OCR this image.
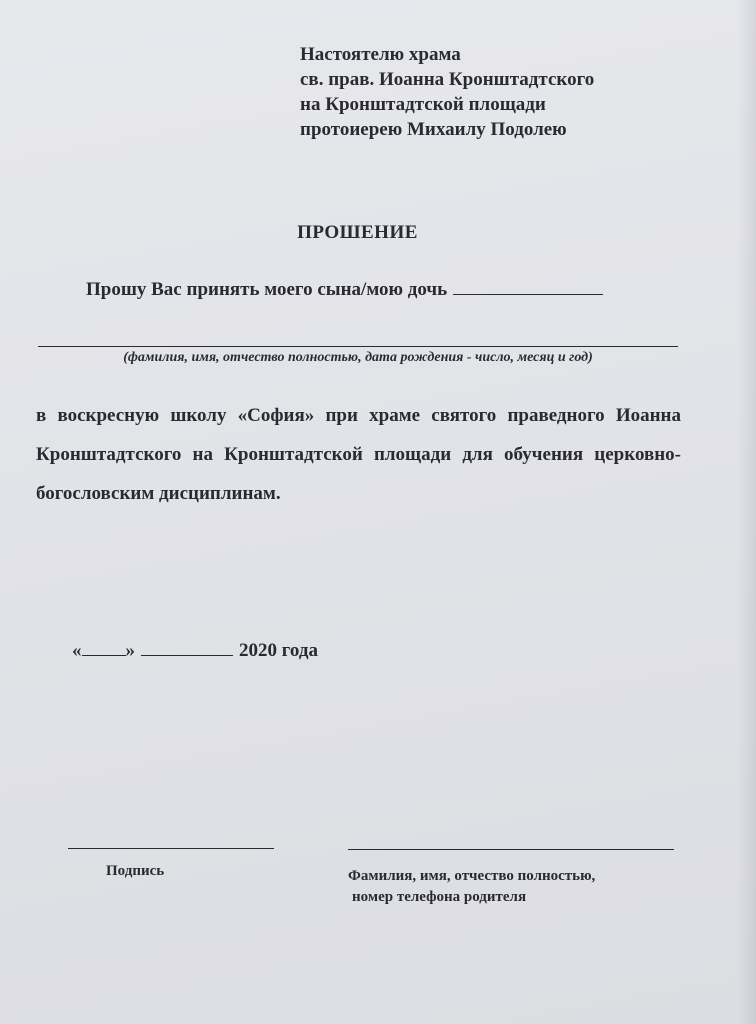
Настоятелю храма
св. прав. Иоанна Кронштадтского
на Кронштадтской площади
протоиерею Михаилу Подолею
ПРОШЕНИЕ
Прошу Вас принять моего сына/мою дочь
(фамилия, имя, отчество полностью, дата рождения - число, месяц и год)
в воскресную школу «София» при храме святого праведного Иоанна Кронштадтского на Кронштадтской площади для обучения церковно-богословским дисциплинам.
« »	2020 года
Подпись	Фамилия, имя, отчество полностью,
номер телефона родителя
